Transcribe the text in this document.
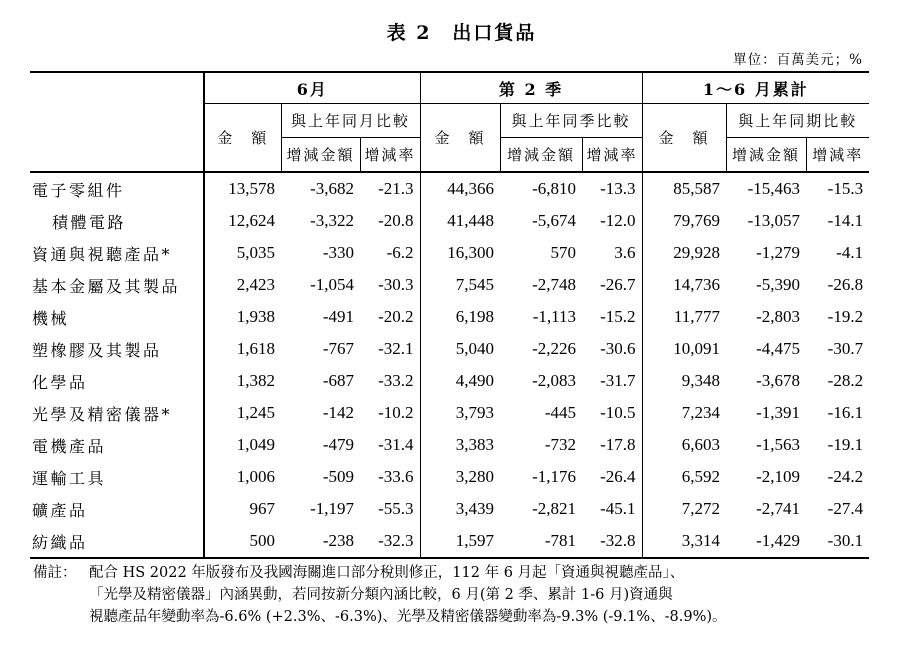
表 2　出口貨品
單位：百萬美元；%
	6月			第 2 季			1～6 月累計		
	金　額	與上年同月比較		金　額	與上年同季比較		金　額	與上年同期比較	
		增減金額	增減率		增減金額	增減率		增減金額	增減率
電子零組件	13,578	-3,682	-21.3	44,366	-6,810	-13.3	85,587	-15,463	-15.3
積體電路	12,624	-3,322	-20.8	41,448	-5,674	-12.0	79,769	-13,057	-14.1
資通與視聽產品*	5,035	-330	-6.2	16,300	570	3.6	29,928	-1,279	-4.1
基本金屬及其製品	2,423	-1,054	-30.3	7,545	-2,748	-26.7	14,736	-5,390	-26.8
機械	1,938	-491	-20.2	6,198	-1,113	-15.2	11,777	-2,803	-19.2
塑橡膠及其製品	1,618	-767	-32.1	5,040	-2,226	-30.6	10,091	-4,475	-30.7
化學品	1,382	-687	-33.2	4,490	-2,083	-31.7	9,348	-3,678	-28.2
光學及精密儀器*	1,245	-142	-10.2	3,793	-445	-10.5	7,234	-1,391	-16.1
電機產品	1,049	-479	-31.4	3,383	-732	-17.8	6,603	-1,563	-19.1
運輸工具	1,006	-509	-33.6	3,280	-1,176	-26.4	6,592	-2,109	-24.2
礦產品	967	-1,197	-55.3	3,439	-2,821	-45.1	7,272	-2,741	-27.4
紡織品	500	-238	-32.3	1,597	-781	-32.8	3,314	-1,429	-30.1
備註： 配合 HS 2022 年版發布及我國海關進口部分稅則修正，112 年 6 月起「資通與視聽產品」、
「光學及精密儀器」內涵異動，若同按新分類內涵比較，6 月(第 2 季、累計 1-6 月)資通與
視聽產品年變動率為-6.6% (+2.3%、-6.3%)、光學及精密儀器變動率為-9.3% (-9.1%、-8.9%)。
